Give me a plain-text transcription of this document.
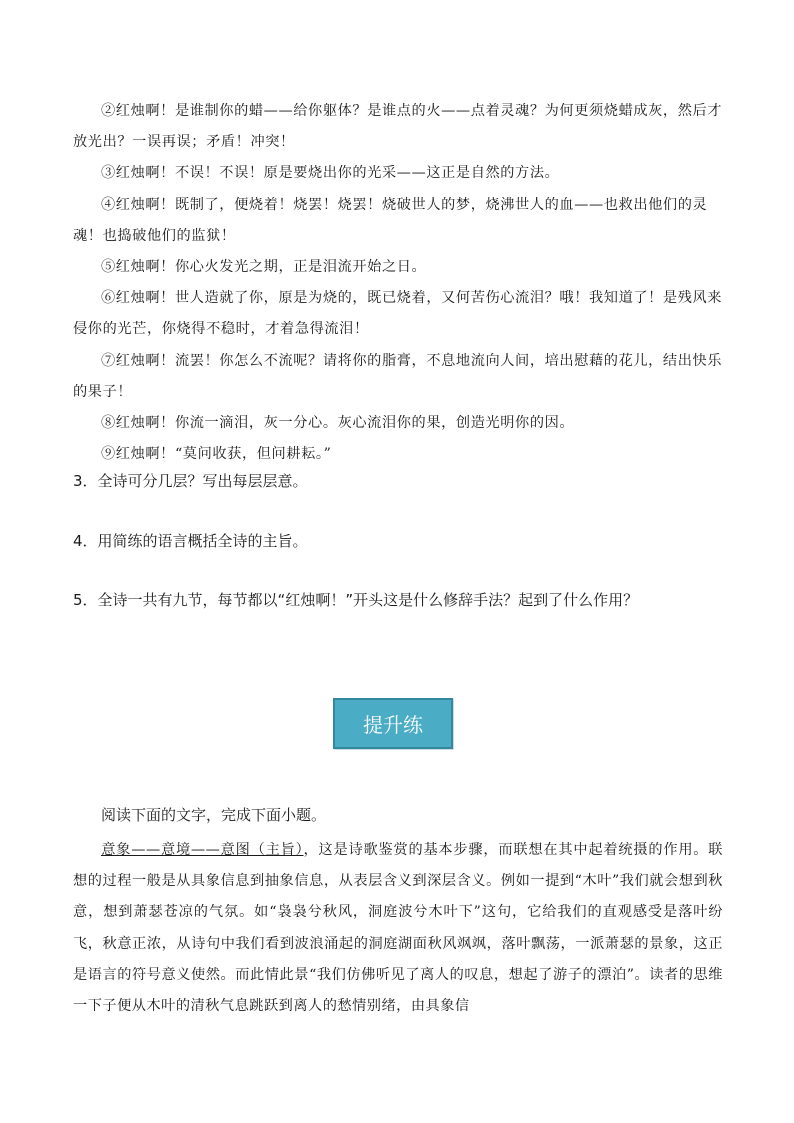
②红烛啊！是谁制你的蜡——给你躯体？是谁点的火——点着灵魂？为何更须烧蜡成灰，然后才放光出？一误再误；矛盾！冲突！

③红烛啊！不误！不误！原是要烧出你的光采——这正是自然的方法。

④红烛啊！既制了，便烧着！烧罢！烧罢！烧破世人的梦，烧沸世人的血——也救出他们的灵魂！也捣破他们的监狱！

⑤红烛啊！你心火发光之期，正是泪流开始之日。

⑥红烛啊！世人造就了你，原是为烧的，既已烧着，又何苦伤心流泪？哦！我知道了！是残风来侵你的光芒，你烧得不稳时，才着急得流泪！

⑦红烛啊！流罢！你怎么不流呢？请将你的脂膏，不息地流向人间，培出慰藉的花儿，结出快乐的果子！

⑧红烛啊！你流一滴泪，灰一分心。灰心流泪你的果，创造光明你的因。

⑨红烛啊！“莫问收获，但问耕耘。”

3．全诗可分几层？写出每层层意。
4．用简练的语言概括全诗的主旨。
5．全诗一共有九节，每节都以“红烛啊！”开头这是什么修辞手法？起到了什么作用？
提升练
阅读下面的文字，完成下面小题。
意象——意境——意图（主旨），这是诗歌鉴赏的基本步骤，而联想在其中起着统摄的作用。联想的过程一般是从具象信息到抽象信息，从表层含义到深层含义。例如一提到“木叶”我们就会想到秋意，想到萧瑟苍凉的气氛。如“袅袅兮秋风，洞庭波兮木叶下”这句，它给我们的直观感受是落叶纷飞，秋意正浓，从诗句中我们看到波浪涌起的洞庭湖面秋风飒飒，落叶飘荡，一派萧瑟的景象，这正是语言的符号意义使然。而此情此景“我们仿佛听见了离人的叹息，想起了游子的漂泊”。读者的思维一下子便从木叶的清秋气息跳跃到离人的愁情别绪，由具象信
